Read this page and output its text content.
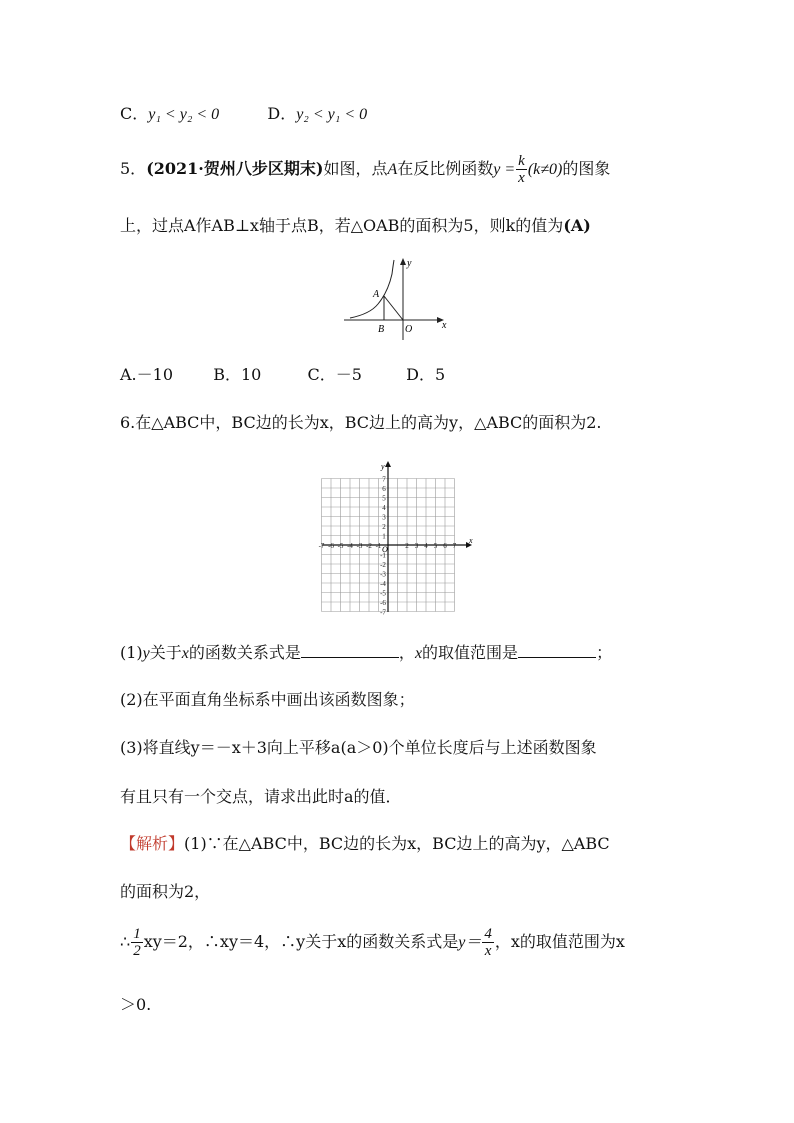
C．y₁ < y₂ < 0	D．y₂ < y₁ < 0
5．(2021·贺州八步区期末)如图，点A在反比例函数$y = \frac{k}{x} (k\ne 0)$的图象
上，过点A作AB⊥x轴于点B，若△OAB的面积为5，则k的值为(A)
y
x
A
B O
A.－10	B．10	C．－5	D．5
6.在△ABC中，BC边的长为x，BC边上的高为y，△ABC的面积为2.
x
y
O
-7 -6 -5 -4 -3 -2 -1	2 3 4 5 6 7
7
6
5
4
3
2
1
-1
-2
-3
-4
-5
-6
-7
(1)y关于x的函数关系式是	，x的取值范围是	；
(2)在平面直角坐标系中画出该函数图象；
(3)将直线y＝－x＋3向上平移a(a＞0)个单位长度后与上述函数图象
有且只有一个交点，请求出此时a的值．
【解析】(1)∵在△ABC中，BC边的长为x，BC边上的高为y，△ABC
的面积为2，
∴ $\frac{1}{2} xy=2$，∴xy＝4，∴y关于x的函数关系式是$y= \frac{4}{x}$ ，x的取值范围为x
＞0.
